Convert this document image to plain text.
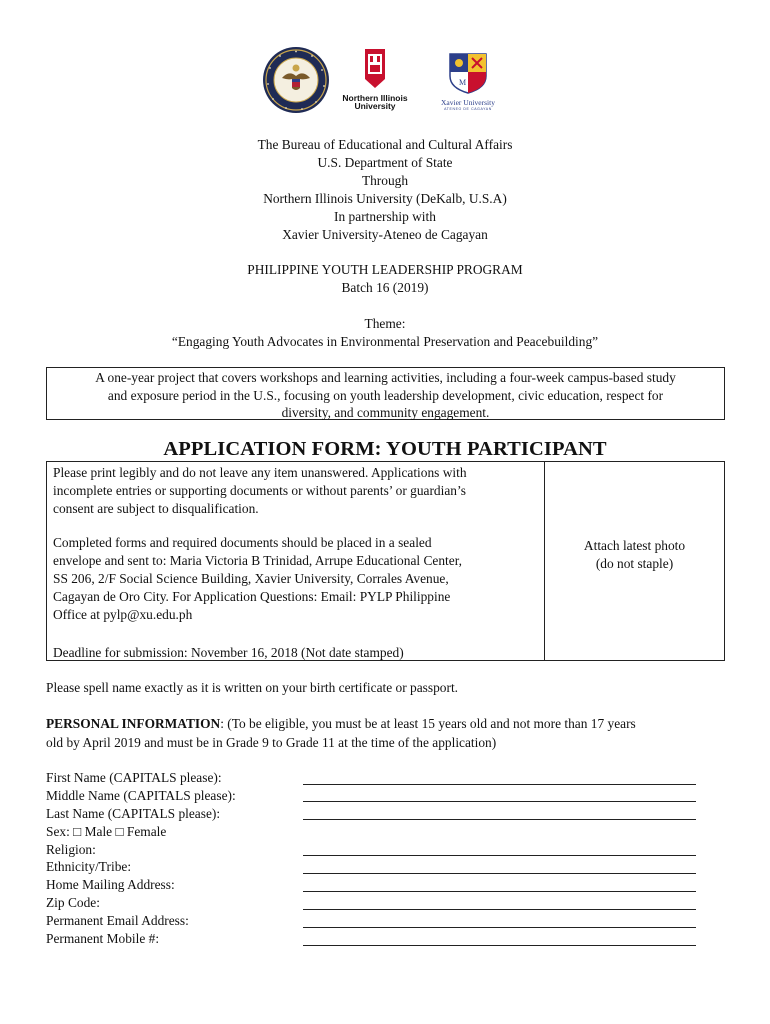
Northern Illinois
University
M
Xavier University
ATENEO DE CAGAYAN
The Bureau of Educational and Cultural Affairs
U.S. Department of State
Through
Northern Illinois University (DeKalb, U.S.A)
In partnership with
Xavier University-Ateneo de Cagayan
PHILIPPINE YOUTH LEADERSHIP PROGRAM
Batch 16 (2019)
Theme:
“Engaging Youth Advocates in Environmental Preservation and Peacebuilding”
A one-year project that covers workshops and learning activities, including a four-week campus-based study
and exposure period in the U.S., focusing on youth leadership development, civic education, respect for
diversity, and community engagement.
APPLICATION FORM: YOUTH PARTICIPANT

Please print legibly and do not leave any item unanswered. Applications with

incomplete entries or supporting documents or without parents’ or guardian’s

consent are subject to disqualification.

Completed forms and required documents should be placed in a sealed

envelope and sent to: Maria Victoria B Trinidad, Arrupe Educational Center,

SS 206, 2/F Social Science Building, Xavier University, Corrales Avenue,

Cagayan de Oro City. For Application Questions: Email: PYLP Philippine

Office at pylp@xu.edu.ph

Deadline for submission: November 16, 2018 (Not date stamped)

Attach latest photo
(do not staple)
Please spell name exactly as it is written on your birth certificate or passport.
PERSONAL INFORMATION: (To be eligible, you must be at least 15 years old and not more than 17 years
old by April 2019 and must be in Grade 9 to Grade 11 at the time of the application)
First Name (CAPITALS please):
Middle Name (CAPITALS please):
Last Name (CAPITALS please):
Sex: □ Male □ Female
Religion:
Ethnicity/Tribe:
Home Mailing Address:
Zip Code:
Permanent Email Address:
Permanent Mobile #:
